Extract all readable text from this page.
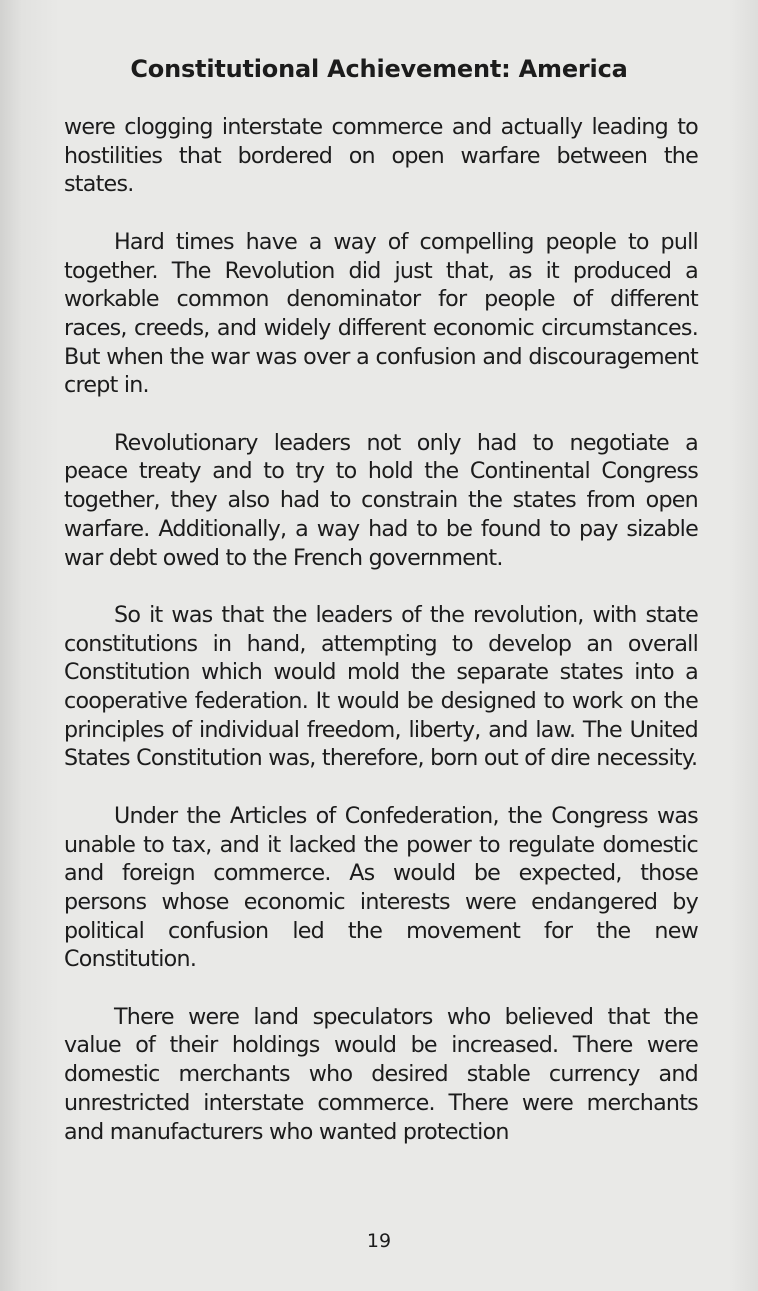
Constitutional Achievement: America

were clogging interstate commerce and actually leading to hostilities that bordered on open warfare between the states.

Hard times have a way of compelling people to pull together. The Revolution did just that, as it produced a workable common denominator for people of different races, creeds, and widely different economic circumstances. But when the war was over a confusion and discouragement crept in.

Revolutionary leaders not only had to negotiate a peace treaty and to try to hold the Continental Congress together, they also had to constrain the states from open warfare. Additionally, a way had to be found to pay sizable war debt owed to the French government.

So it was that the leaders of the revolution, with state constitutions in hand, attempting to develop an overall Constitution which would mold the separate states into a cooperative federation. It would be designed to work on the principles of individual freedom, liberty, and law. The United States Constitution was, therefore, born out of dire necessity.

Under the Articles of Confederation, the Congress was unable to tax, and it lacked the power to regulate domestic and foreign commerce. As would be expected, those persons whose economic interests were endangered by political confusion led the movement for the new Constitution.

There were land speculators who believed that the value of their holdings would be increased. There were domestic merchants who desired stable currency and unrestricted interstate commerce. There were merchants and manufacturers who wanted protection

19
